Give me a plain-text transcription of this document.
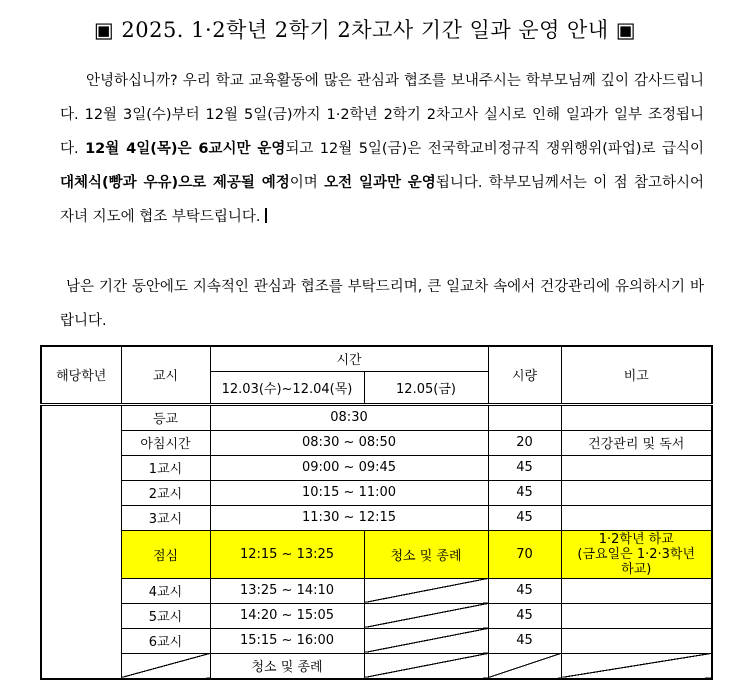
▣ 2025. 1·2학년 2학기 2차고사 기간 일과 운영 안내 ▣
안녕하십니까? 우리 학교 교육활동에 많은 관심과 협조를 보내주시는 학부모님께 깊이 감사드립니다. 12월 3일(수)부터 12월 5일(금)까지 1·2학년 2학기 2차고사 실시로 인해 일과가 일부 조정됩니다. 12월 4일(목)은 6교시만 운영되고 12월 5일(금)은 전국학교비정규직 쟁위행위(파업)로 급식이 대체식(빵과 우유)으로 제공될 예정이며 오전 일과만 운영됩니다. 학부모님께서는 이 점 참고하시어 자녀 지도에 협조 부탁드립니다.
남은 기간 동안에도 지속적인 관심과 협조를 부탁드리며, 큰 일교차 속에서 건강관리에 유의하시기 바랍니다.
해당학년	교시	시간		시량	비고
		12.03(수)~12.04(목)	12.05(금)		
	등교	08:30			
	아침시간	08:30 ~ 08:50		20	건강관리 및 독서
	1교시	09:00 ~ 09:45		45	
	2교시	10:15 ~ 11:00		45	
	3교시	11:30 ~ 12:15		45	
	점심	12:15 ~ 13:25	청소 및 종례	70	1·2학년 하교
(금요일은 1·2·3학년
하교)
	4교시	13:25 ~ 14:10		45	
	5교시	14:20 ~ 15:05		45	
	6교시	15:15 ~ 16:00		45	
		청소 및 종례			
